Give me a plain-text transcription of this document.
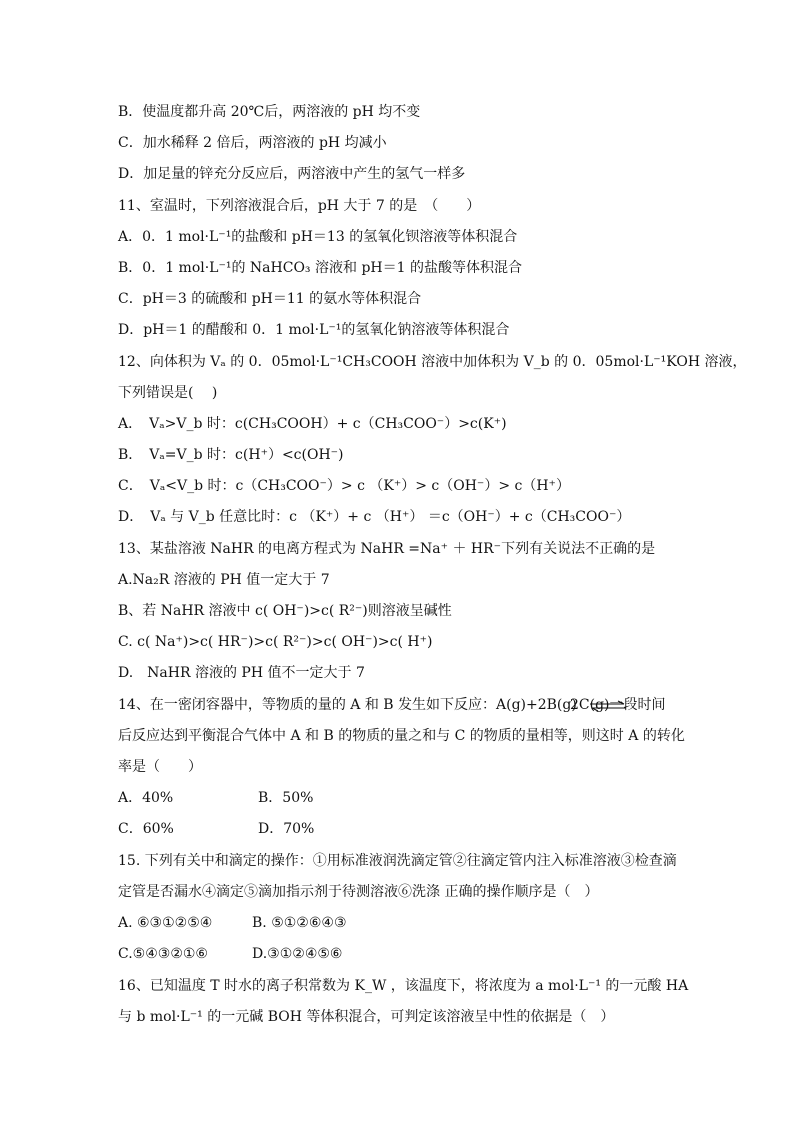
B．使温度都升高 20℃后，两溶液的 pH 均不变
C．加水稀释 2 倍后，两溶液的 pH 均减小
D．加足量的锌充分反应后，两溶液中产生的氢气一样多
11、室温时，下列溶液混合后，pH 大于 7 的是　（　　）
A．0．1 mol·L⁻¹的盐酸和 pH＝13 的氢氧化钡溶液等体积混合
B．0．1 mol·L⁻¹的 NaHCO₃ 溶液和 pH＝1 的盐酸等体积混合
C．pH＝3 的硫酸和 pH＝11 的氨水等体积混合
D．pH＝1 的醋酸和 0．1 mol·L⁻¹的氢氧化钠溶液等体积混合
12、向体积为 Vₐ 的 0．05mol·L⁻¹CH₃COOH 溶液中加体积为 V_b 的 0．05mol·L⁻¹KOH 溶液，
下列错误是(　 )
A．　Vₐ>V_b 时：c(CH₃COOH）+ c（CH₃COO⁻）>c(K⁺)
B．　Vₐ=V_b 时：c(H⁺）<c(OH⁻)
C．　Vₐ<V_b 时：c（CH₃COO⁻）> c （K⁺）> c（OH⁻）> c（H⁺）
D．　Vₐ 与 V_b 任意比时：c （K⁺）+ c （H⁺） ＝c（OH⁻）+ c（CH₃COO⁻）
13、某盐溶液 NaHR 的电离方程式为 NaHR =Na⁺ ＋ HR⁻下列有关说法不正确的是
A.Na₂R 溶液的 PH 值一定大于 7
B、若 NaHR 溶液中 c( OH⁻)>c( R²⁻)则溶液呈碱性
C. c( Na⁺)>c( HR⁻)>c( R²⁻)>c( OH⁻)>c( H⁺)
D.　NaHR 溶液的 PH 值不一定大于 7
14、在一密闭容器中，等物质的量的 A 和 B 发生如下反应：A(g)+2B(g)
2C(g)一段时间
后反应达到平衡混合气体中 A 和 B 的物质的量之和与 C 的物质的量相等，则这时 A 的转化
率是（　　）
A．40%	B．50%
C．60%	D．70%
15. 下列有关中和滴定的操作：①用标准液润洗滴定管②往滴定管内注入标准溶液③检查滴
定管是否漏水④滴定⑤滴加指示剂于待测溶液⑥洗涤 正确的操作顺序是（　）
A. ⑥③①②⑤④	B. ⑤①②⑥④③
C.⑤④③②①⑥	D.③①②④⑤⑥
16、已知温度 T 时水的离子积常数为 K_W ，该温度下，将浓度为 a mol·L⁻¹ 的一元酸 HA
与 b mol·L⁻¹ 的一元碱 BOH 等体积混合，可判定该溶液呈中性的依据是（　）
